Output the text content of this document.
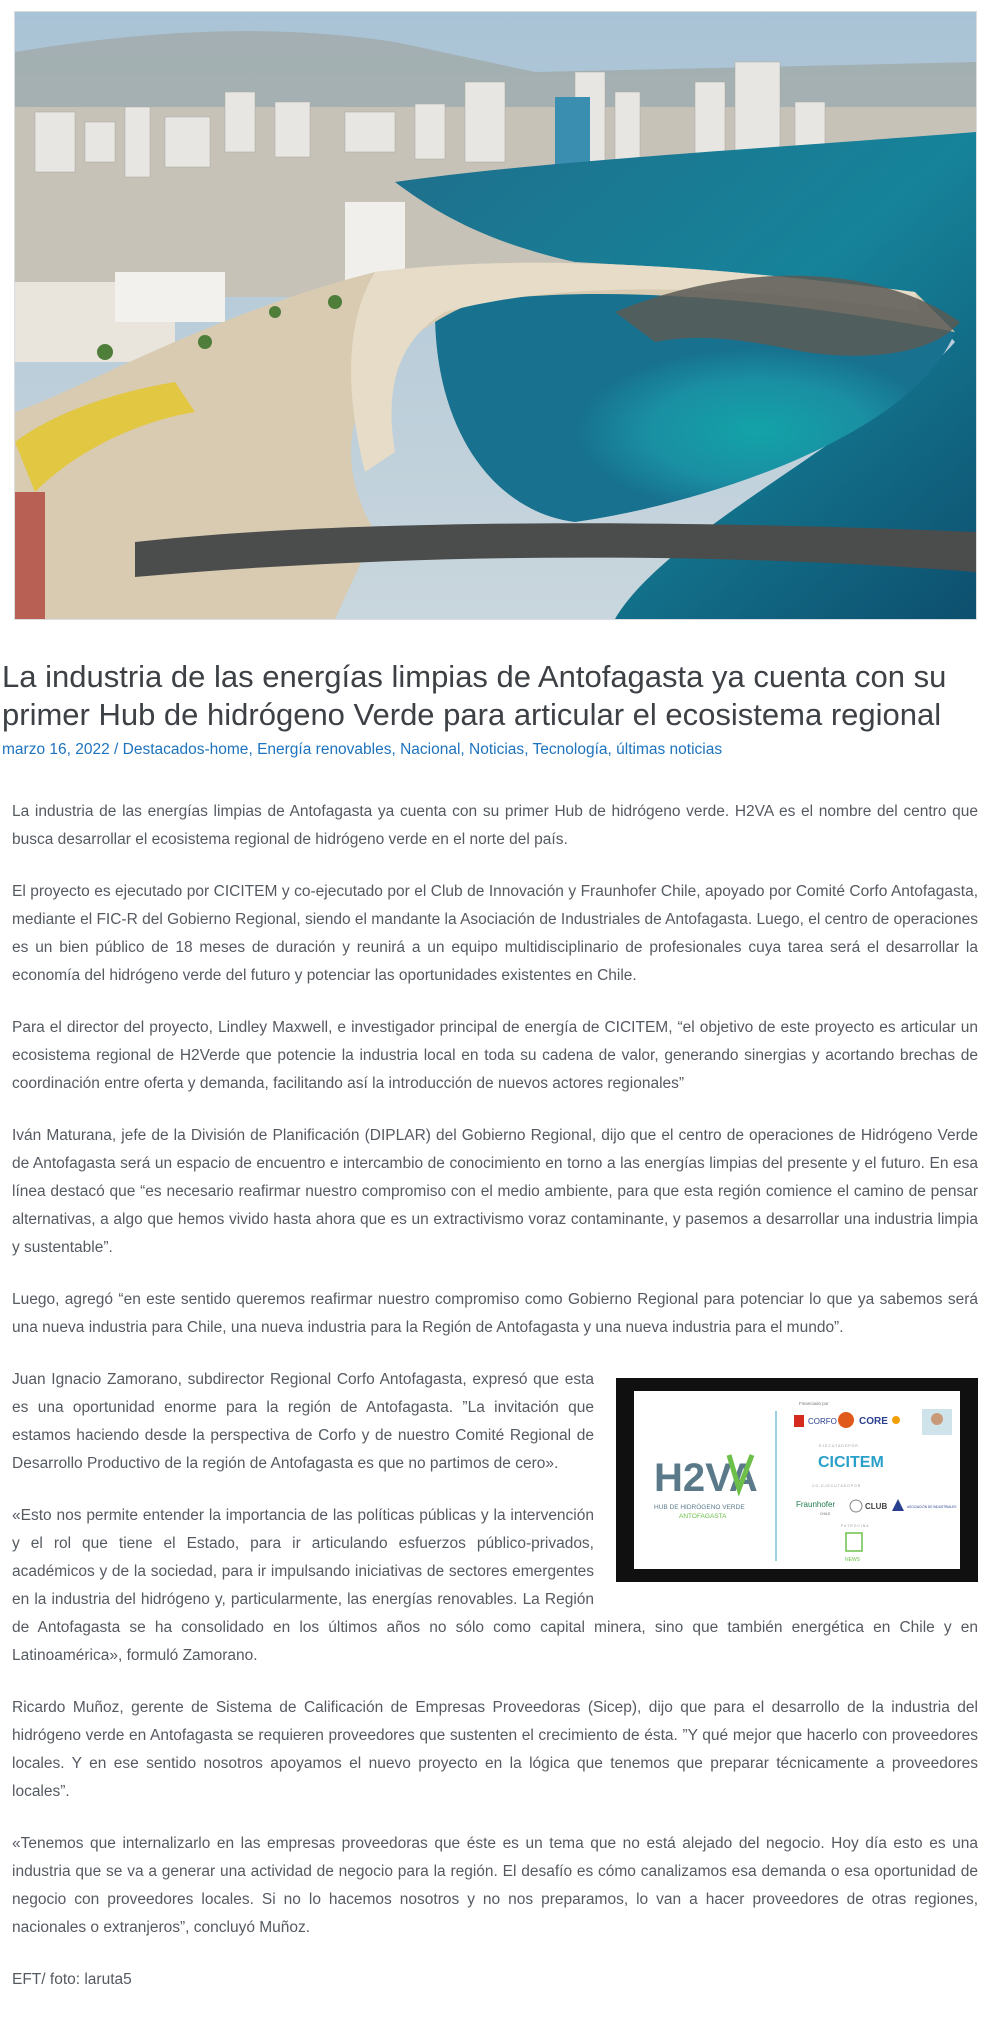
La industria de las energías limpias de Antofagasta ya cuenta con su primer Hub de hidrógeno Verde para articular el ecosistema regional
marzo 16, 2022 / Destacados-home, Energía renovables, Nacional, Noticias, Tecnología, últimas noticias

La industria de las energías limpias de Antofagasta ya cuenta con su primer Hub de hidrógeno verde. H2VA es el nombre del centro que busca desarrollar el ecosistema regional de hidrógeno verde en el norte del país.

El proyecto es ejecutado por CICITEM y co-ejecutado por el Club de Innovación y Fraunhofer Chile, apoyado por Comité Corfo Antofagasta, mediante el FIC-R del Gobierno Regional, siendo el mandante la Asociación de Industriales de Antofagasta. Luego, el centro de operaciones es un bien público de 18 meses de duración y reunirá a un equipo multidisciplinario de profesionales cuya tarea será el desarrollar la economía del hidrógeno verde del futuro y potenciar las oportunidades existentes en Chile.

Para el director del proyecto, Lindley Maxwell, e investigador principal de energía de CICITEM, “el objetivo de este proyecto es articular un ecosistema regional de H2Verde que potencie la industria local en toda su cadena de valor, generando sinergias y acortando brechas de coordinación entre oferta y demanda, facilitando así la introducción de nuevos actores regionales”

Iván Maturana, jefe de la División de Planificación (DIPLAR) del Gobierno Regional, dijo que el centro de operaciones de Hidrógeno Verde de Antofagasta será un espacio de encuentro e intercambio de conocimiento en torno a las energías limpias del presente y el futuro. En esa línea destacó que “es necesario reafirmar nuestro compromiso con el medio ambiente, para que esta región comience el camino de pensar alternativas, a algo que hemos vivido hasta ahora que es un extractivismo voraz contaminante, y pasemos a desarrollar una industria limpia y sustentable”.

Luego, agregó “en este sentido queremos reafirmar nuestro compromiso como Gobierno Regional para potenciar lo que ya sabemos será una nueva industria para Chile, una nueva industria para la Región de Antofagasta y una nueva industria para el mundo”.

H2VA
HUB DE HIDRÓGENO VERDE
ANTOFAGASTA
Financiado por
CORFO CORE
E J E C U T A D O P O R
CICITEM
C O - E J E C U T A D O P O R
Fraunhofer
CHILE
CLUB	ASOCIACIÓN DE INDUSTRIALES
P A T R O C I N A
NEWS

Juan Ignacio Zamorano, subdirector Regional Corfo Antofagasta, expresó que esta es una oportunidad enorme para la región de Antofagasta. ”La invitación que estamos haciendo desde la perspectiva de Corfo y de nuestro Comité Regional de Desarrollo Productivo de la región de Antofagasta es que no partimos de cero».

«Esto nos permite entender la importancia de las políticas públicas y la intervención y el rol que tiene el Estado, para ir articulando esfuerzos público-privados, académicos y de la sociedad, para ir impulsando iniciativas de sectores emergentes en la industria del hidrógeno y, particularmente, las energías renovables. La Región de Antofagasta se ha consolidado en los últimos años no sólo como capital minera, sino que también energética en Chile y en Latinoamérica», formuló Zamorano.

Ricardo Muñoz, gerente de Sistema de Calificación de Empresas Proveedoras (Sicep), dijo que para el desarrollo de la industria del hidrógeno verde en Antofagasta se requieren proveedores que sustenten el crecimiento de ésta. ”Y qué mejor que hacerlo con proveedores locales. Y en ese sentido nosotros apoyamos el nuevo proyecto en la lógica que tenemos que preparar técnicamente a proveedores locales”.

«Tenemos que internalizarlo en las empresas proveedoras que éste es un tema que no está alejado del negocio. Hoy día esto es una industria que se va a generar una actividad de negocio para la región. El desafío es cómo canalizamos esa demanda o esa oportunidad de negocio con proveedores locales. Si no lo hacemos nosotros y no nos preparamos, lo van a hacer proveedores de otras regiones, nacionales o extranjeros”, concluyó Muñoz.

EFT/ foto: laruta5
